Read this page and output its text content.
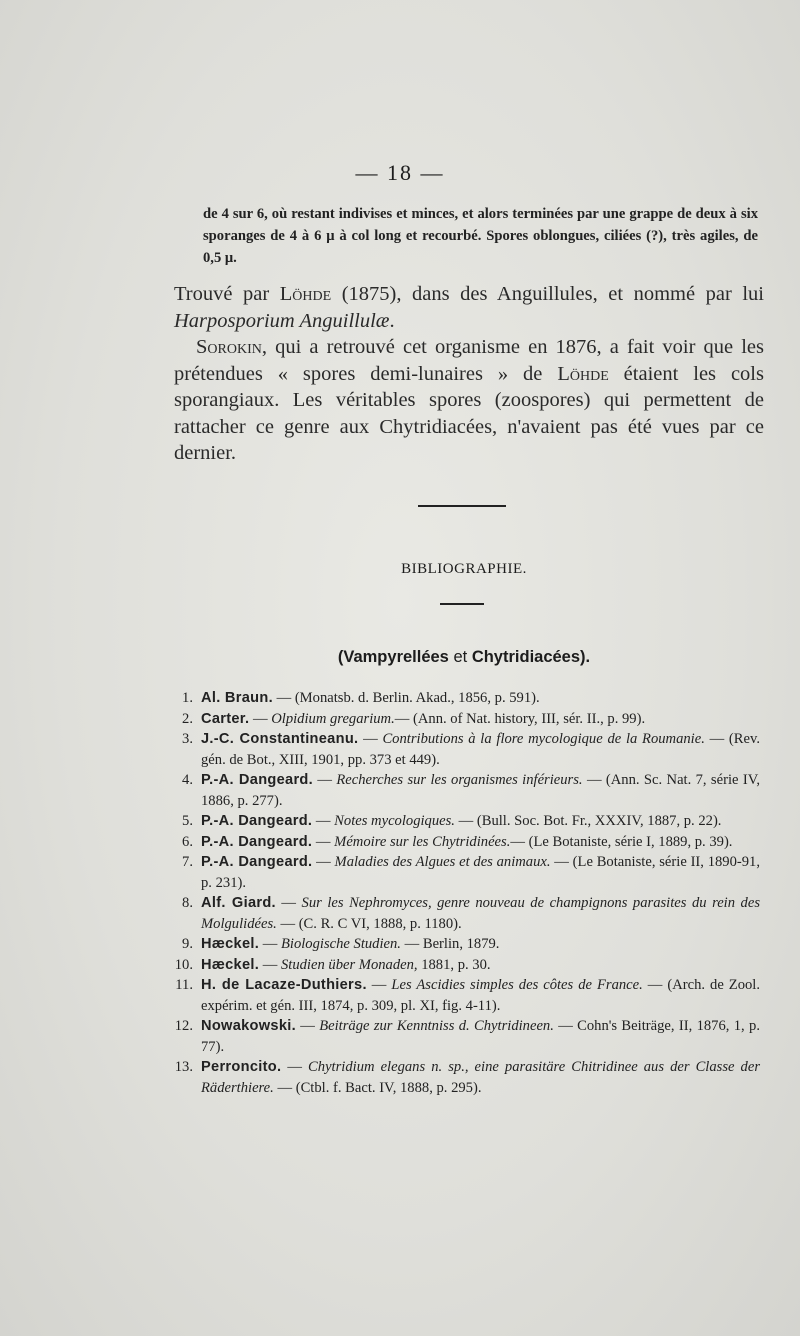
— 18 —
de 4 sur 6, où restant indivises et minces, et alors terminées par une grappe de deux à six sporanges de 4 à 6 μ à col long et recourbé. Spores oblongues, ciliées (?), très agiles, de 0,5 μ.

Trouvé par Löhde (1875), dans des Anguillules, et nommé par lui Harposporium Anguillulæ.

Sorokin, qui a retrouvé cet organisme en 1876, a fait voir que les prétendues « spores demi-lunaires » de Löhde étaient les cols sporangiaux. Les véritables spores (zoospores) qui permettent de rattacher ce genre aux Chytridiacées, n'avaient pas été vues par ce dernier.

BIBLIOGRAPHIE.
(Vampyrellées et Chytridiacées).
1. Al. Braun. — (Monatsb. d. Berlin. Akad., 1856, p. 591).
2. Carter. — Olpidium gregarium.— (Ann. of Nat. history, III, sér. II., p. 99).
3. J.-C. Constantineanu. — Contributions à la flore mycologique de la Roumanie. — (Rev. gén. de Bot., XIII, 1901, pp. 373 et 449).
4. P.-A. Dangeard. — Recherches sur les organismes inférieurs. — (Ann. Sc. Nat. 7, série IV, 1886, p. 277).
5. P.-A. Dangeard. — Notes mycologiques. — (Bull. Soc. Bot. Fr., XXXIV, 1887, p. 22).
6. P.-A. Dangeard. — Mémoire sur les Chytridinées.— (Le Botaniste, série I, 1889, p. 39).
7. P.-A. Dangeard. — Maladies des Algues et des animaux. — (Le Botaniste, série II, 1890-91, p. 231).
8. Alf. Giard. — Sur les Nephromyces, genre nouveau de champignons parasites du rein des Molgulidées. — (C. R. C VI, 1888, p. 1180).
9. Hæckel. — Biologische Studien. — Berlin, 1879.
10. Hæckel. — Studien über Monaden, 1881, p. 30.
11. H. de Lacaze-Duthiers. — Les Ascidies simples des côtes de France. — (Arch. de Zool. expérim. et gén. III, 1874, p. 309, pl. XI, fig. 4-11).
12. Nowakowski. — Beiträge zur Kenntniss d. Chytridineen. — Cohn's Beiträge, II, 1876, 1, p. 77).
13. Perroncito. — Chytridium elegans n. sp., eine parasitäre Chitridinee aus der Classe der Räderthiere. — (Ctbl. f. Bact. IV, 1888, p. 295).
